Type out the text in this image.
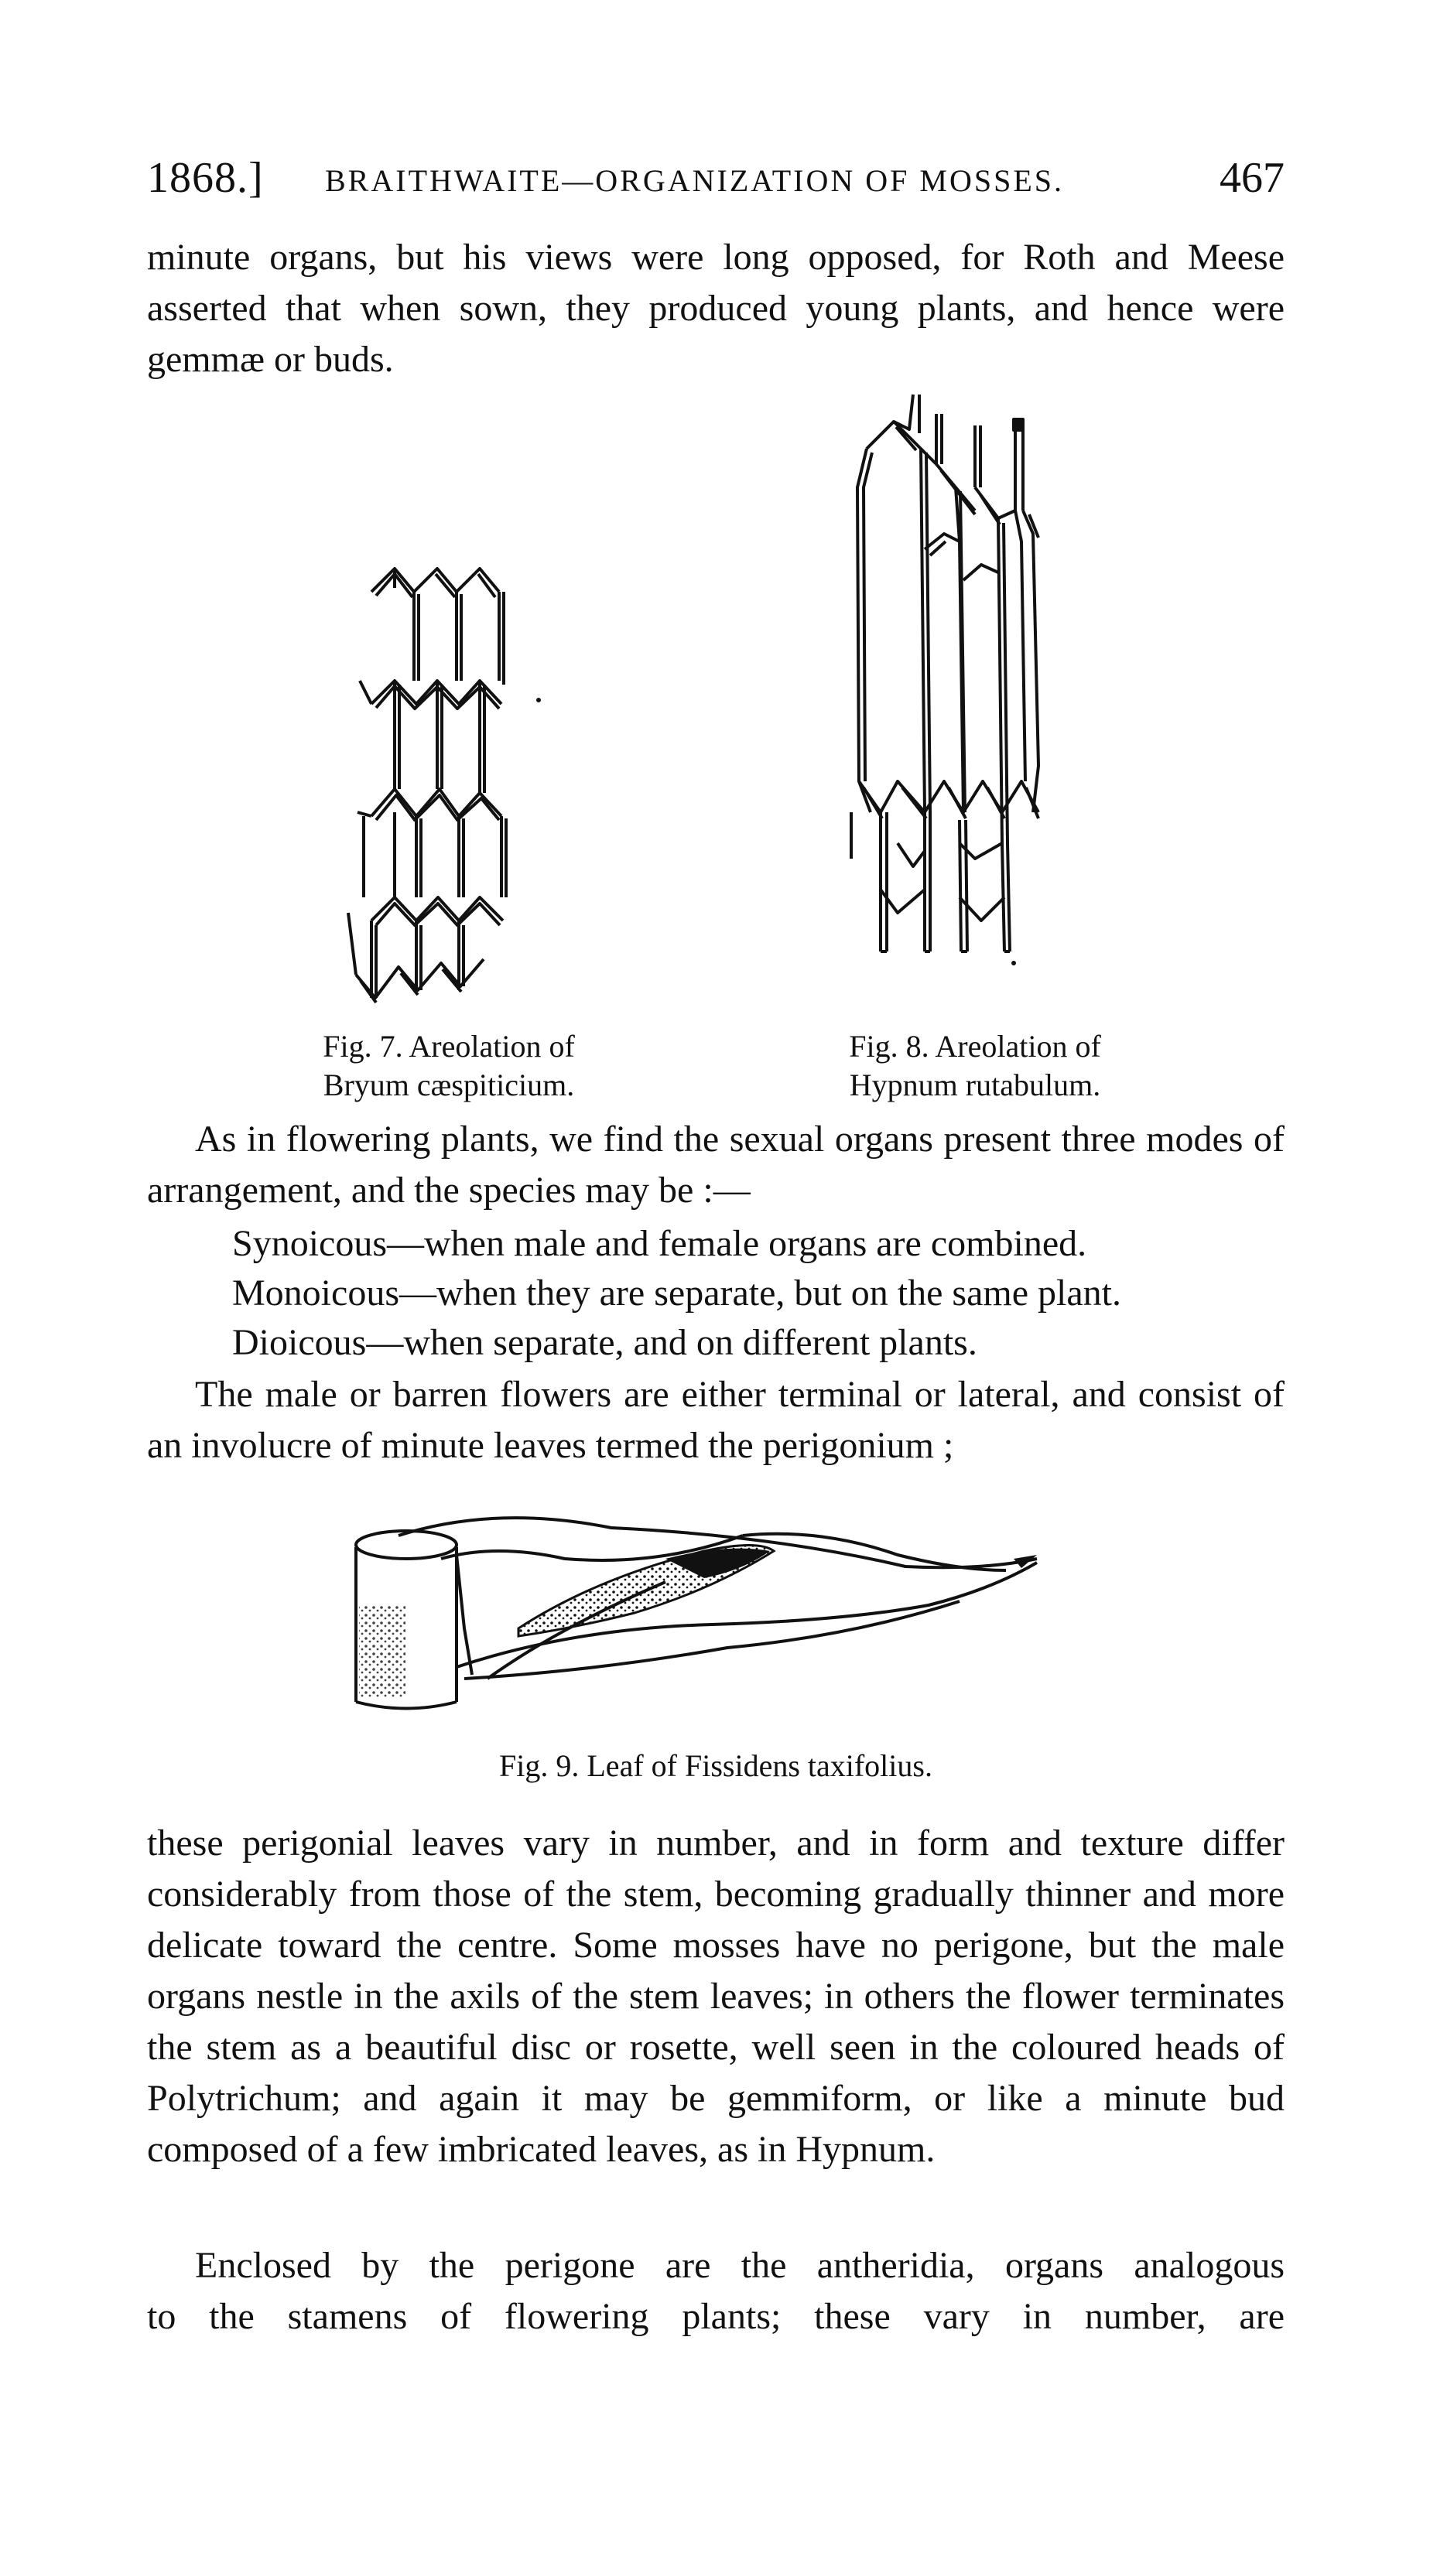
1868.] BRAITHWAITE—ORGANIZATION OF MOSSES.	467

minute organs, but his views were long opposed, for Roth and Meese asserted that when sown, they produced young plants, and hence were gemmæ or buds.

Fig. 7. Areolation of
Bryum cæspiticium.
Fig. 8. Areolation of
Hypnum rutabulum.

As in flowering plants, we find the sexual organs present three modes of arrangement, and the species may be :—

Synoicous—when male and female organs are combined.
Monoicous—when they are separate, but on the same plant.
Dioicous—when separate, and on different plants.

The male or barren flowers are either terminal or lateral, and consist of an involucre of minute leaves termed the perigonium ;

Fig. 9. Leaf of Fissidens taxifolius.

these perigonial leaves vary in number, and in form and texture differ considerably from those of the stem, becoming gradually thinner and more delicate toward the centre. Some mosses have no perigone, but the male organs nestle in the axils of the stem leaves; in others the flower terminates the stem as a beautiful disc or rosette, well seen in the coloured heads of Polytrichum; and again it may be gemmiform, or like a minute bud composed of a few imbricated leaves, as in Hypnum.

Enclosed by the perigone are the antheridia, organs analogous

to the stamens of flowering plants; these vary in number, are
